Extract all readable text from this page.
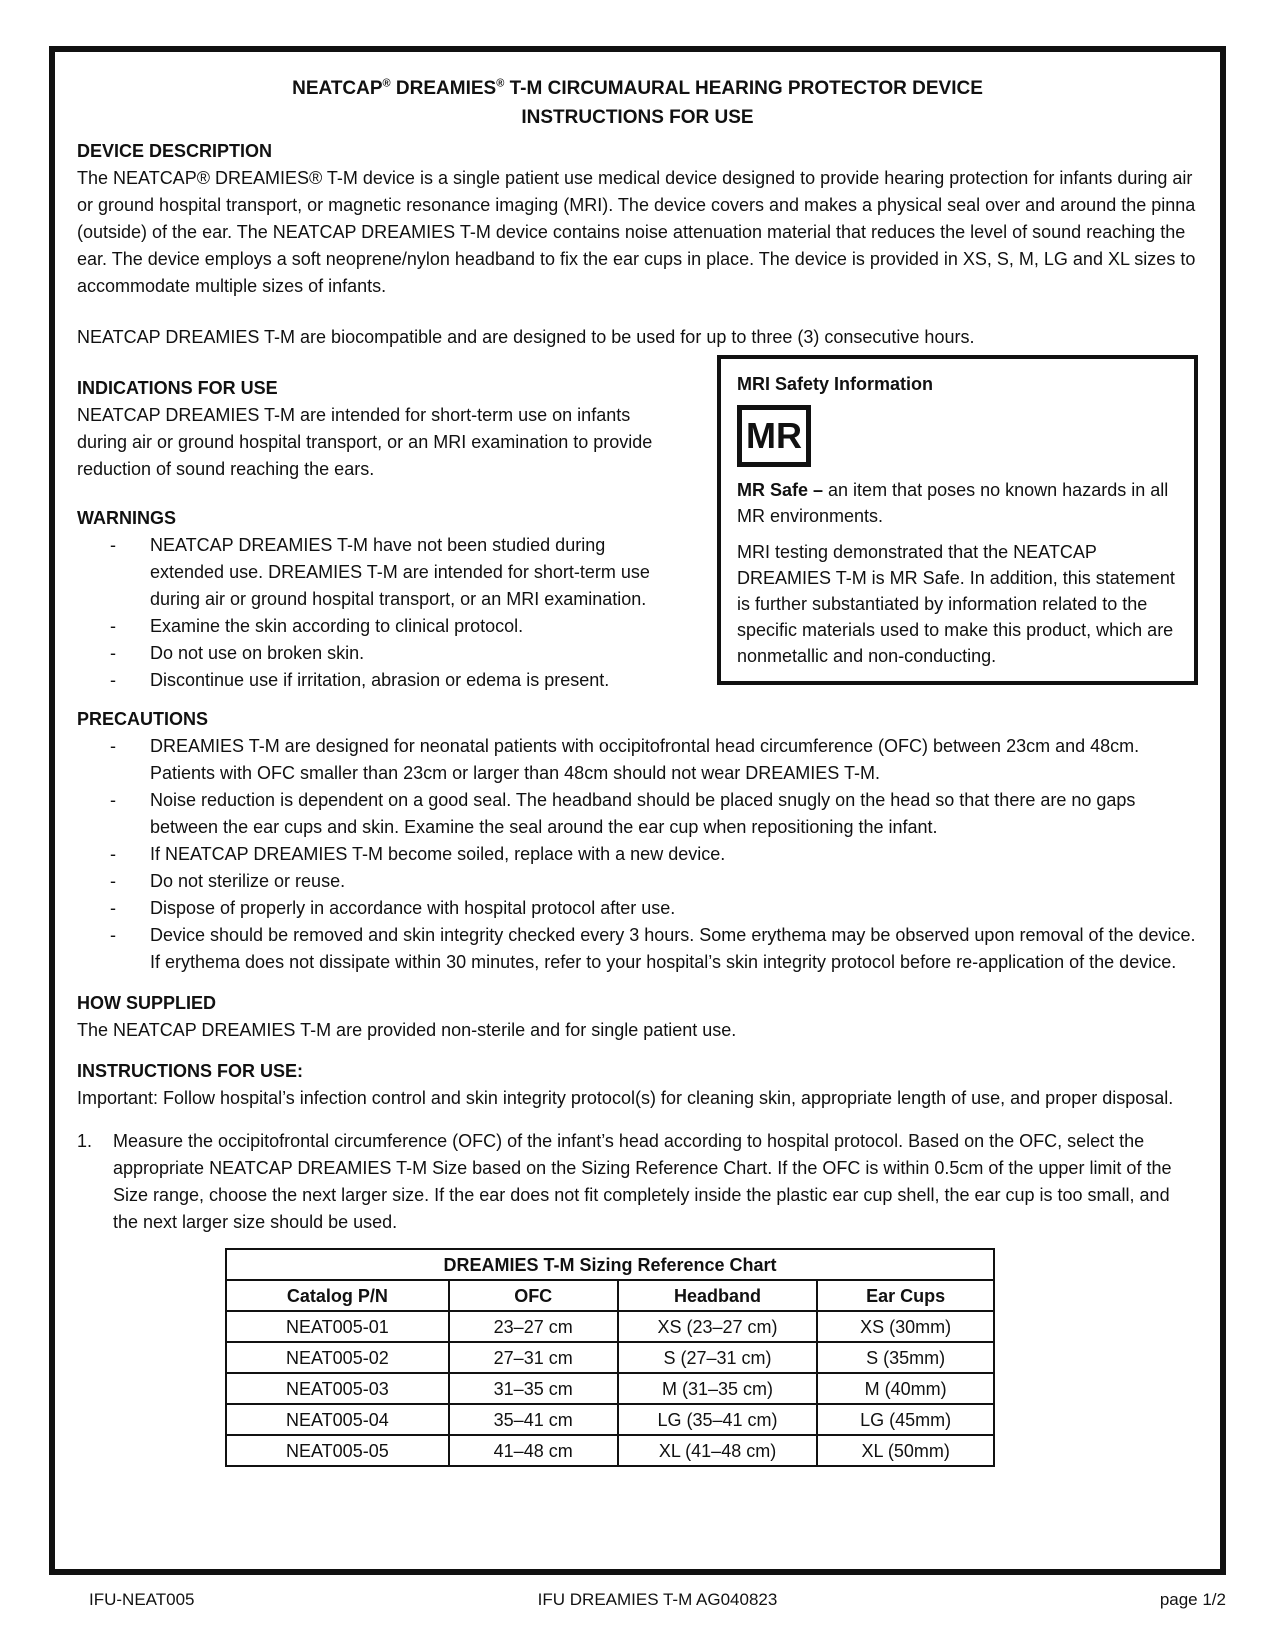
NEATCAP® DREAMIES® T-M CIRCUMAURAL HEARING PROTECTOR DEVICE
INSTRUCTIONS FOR USE
DEVICE DESCRIPTION
The NEATCAP® DREAMIES® T-M device is a single patient use medical device designed to provide hearing protection for infants during air or ground hospital transport, or magnetic resonance imaging (MRI). The device covers and makes a physical seal over and around the pinna (outside) of the ear. The NEATCAP DREAMIES T-M device contains noise attenuation material that reduces the level of sound reaching the ear. The device employs a soft neoprene/nylon headband to fix the ear cups in place. The device is provided in XS, S, M, LG and XL sizes to accommodate multiple sizes of infants.
NEATCAP DREAMIES T-M are biocompatible and are designed to be used for up to three (3) consecutive hours.
INDICATIONS FOR USE
NEATCAP DREAMIES T-M are intended for short-term use on infants during air or ground hospital transport, or an MRI examination to provide reduction of sound reaching the ears.
WARNINGS
-	NEATCAP DREAMIES T-M have not been studied during extended use. DREAMIES T-M are intended for short-term use during air or ground hospital transport, or an MRI examination.
-	Examine the skin according to clinical protocol.
-	Do not use on broken skin.
-	Discontinue use if irritation, abrasion or edema is present.
MRI Safety Information
MR
MR Safe – an item that poses no known hazards in all MR environments.
MRI testing demonstrated that the NEATCAP DREAMIES T-M is MR Safe. In addition, this statement is further substantiated by information related to the specific materials used to make this product, which are nonmetallic and non-conducting.
PRECAUTIONS
-	DREAMIES T-M are designed for neonatal patients with occipitofrontal head circumference (OFC) between 23cm and 48cm. Patients with OFC smaller than 23cm or larger than 48cm should not wear DREAMIES T-M.
-	Noise reduction is dependent on a good seal. The headband should be placed snugly on the head so that there are no gaps between the ear cups and skin. Examine the seal around the ear cup when repositioning the infant.
-	If NEATCAP DREAMIES T-M become soiled, replace with a new device.
-	Do not sterilize or reuse.
-	Dispose of properly in accordance with hospital protocol after use.
-	Device should be removed and skin integrity checked every 3 hours. Some erythema may be observed upon removal of the device. If erythema does not dissipate within 30 minutes, refer to your hospital’s skin integrity protocol before re-application of the device.
HOW SUPPLIED
The NEATCAP DREAMIES T-M are provided non-sterile and for single patient use.
INSTRUCTIONS FOR USE:
Important: Follow hospital’s infection control and skin integrity protocol(s) for cleaning skin, appropriate length of use, and proper disposal.
1.	Measure the occipitofrontal circumference (OFC) of the infant’s head according to hospital protocol. Based on the OFC, select the appropriate NEATCAP DREAMIES T-M Size based on the Sizing Reference Chart. If the OFC is within 0.5cm of the upper limit of the Size range, choose the next larger size. If the ear does not fit completely inside the plastic ear cup shell, the ear cup is too small, and the next larger size should be used.
DREAMIES T-M Sizing Reference Chart			
Catalog P/N	OFC	Headband	Ear Cups
NEAT005-01	23–27 cm	XS (23–27 cm)	XS (30mm)
NEAT005-02	27–31 cm	S (27–31 cm)	S (35mm)
NEAT005-03	31–35 cm	M (31–35 cm)	M (40mm)
NEAT005-04	35–41 cm	LG (35–41 cm)	LG (45mm)
NEAT005-05	41–48 cm	XL (41–48 cm)	XL (50mm)
IFU-NEAT005	IFU DREAMIES T-M AG040823	page 1/2
